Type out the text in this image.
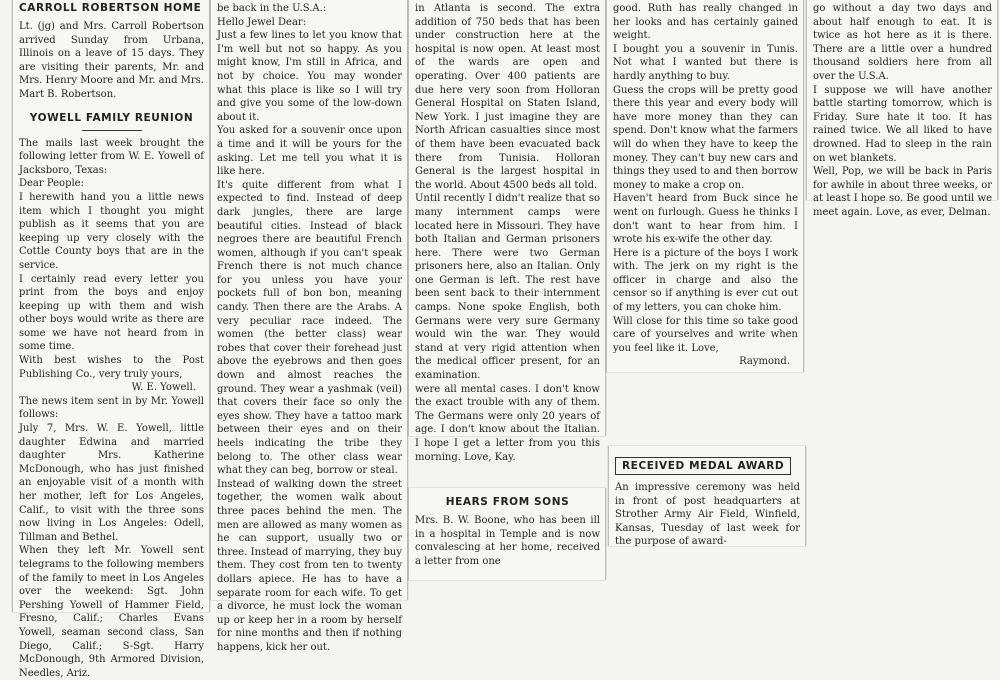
CARROLL ROBERTSON HOME

Lt. (jg) and Mrs. Carroll Robertson arrived Sunday from Urbana, Illinois on a leave of 15 days. They are visiting their parents, Mr. and Mrs. Henry Moore and Mr. and Mrs. Mart B. Robertson.

YOWELL FAMILY REUNION

The mails last week brought the following letter from W. E. Yowell of Jacksboro, Texas:
Dear People:
I herewith hand you a little news item which I thought you might publish as it seems that you are keeping up very closely with the Cottle County boys that are in the service.
I certainly read every letter you print from the boys and enjoy keeping up with them and wish other boys would write as there are some we have not heard from in some time.
With best wishes to the Post Publishing Co., very truly yours,

W. E. Yowell.

The news item sent in by Mr. Yowell follows:
July 7, Mrs. W. E. Yowell, little daughter Edwina and married daughter Mrs. Katherine McDonough, who has just finished an enjoyable visit of a month with her mother, left for Los Angeles, Calif., to visit with the three sons now living in Los Angeles: Odell, Tillman and Bethel.
When they left Mr. Yowell sent telegrams to the following members of the family to meet in Los Angeles over the weekend: Sgt. John Pershing Yowell of Hammer Field, Fresno, Calif.; Charles Evans Yowell, seaman second class, San Diego, Calif.; S-Sgt. Harry McDonough, 9th Armored Division, Needles, Ariz.

be back in the U.S.A.:
Hello Jewel Dear:
Just a few lines to let you know that I'm well but not so happy. As you might know, I'm still in Africa, and not by choice. You may wonder what this place is like so I will try and give you some of the low-down about it.
You asked for a souvenir once upon a time and it will be yours for the asking. Let me tell you what it is like here.
It's quite different from what I expected to find. Instead of deep dark jungles, there are large beautiful cities. Instead of black negroes there are beautiful French women, although if you can't speak French there is not much chance for you unless you have your pockets full of bon bon, meaning candy. Then there are the Arabs. A very peculiar race indeed. The women (the better class) wear robes that cover their forehead just above the eyebrows and then goes down and almost reaches the ground. They wear a yashmak (veil) that covers their face so only the eyes show. They have a tattoo mark between their eyes and on their heels indicating the tribe they belong to. The other class wear what they can beg, borrow or steal.
Instead of walking down the street together, the women walk about three paces behind the men. The men are allowed as many women as he can support, usually two or three. Instead of marrying, they buy them. They cost from ten to twenty dollars apiece. He has to have a separate room for each wife. To get a divorce, he must lock the woman up or keep her in a room by herself for nine months and then if nothing happens, kick her out.

in Atlanta is second. The extra addition of 750 beds that has been under construction here at the hospital is now open. At least most of the wards are open and operating. Over 400 patients are due here very soon from Holloran General Hospital on Staten Island, New York. I just imagine they are North African casualties since most of them have been evacuated back there from Tunisia. Holloran General is the largest hospital in the world. About 4500 beds all told.
Until recently I didn't realize that so many internment camps were located here in Missouri. They have both Italian and German prisoners here. There were two German prisoners here, also an Italian. Only one German is left. The rest have been sent back to their internment camps. None spoke English, both Germans were very sure Germany would win the war. They would stand at very rigid attention when the medical officer present, for an examination.
were all mental cases. I don't know the exact trouble with any of them. The Germans were only 20 years of age. I don't know about the Italian. I hope I get a letter from you this morning. Love, Kay.

HEARS FROM SONS

Mrs. B. W. Boone, who has been ill in a hospital in Temple and is now convalescing at her home, received a letter from one

good. Ruth has really changed in her looks and has certainly gained weight.
I bought you a souvenir in Tunis. Not what I wanted but there is hardly anything to buy.
Guess the crops will be pretty good there this year and every body will have more money than they can spend. Don't know what the farmers will do when they have to keep the money. They can't buy new cars and things they used to and then borrow money to make a crop on.
Haven't heard from Buck since he went on furlough. Guess he thinks I don't want to hear from him. I wrote his ex-wife the other day.
Here is a picture of the boys I work with. The jerk on my right is the officer in charge and also the censor so if anything is ever cut out of my letters, you can choke him.
Will close for this time so take good care of yourselves and write when you feel like it. Love,

Raymond.

RECEIVED MEDAL AWARD

An impressive ceremony was held in front of post headquarters at Strother Army Air Field, Winfield, Kansas, Tuesday of last week for the purpose of award-

go without a day two days and about half enough to eat. It is twice as hot here as it is there. There are a little over a hundred thousand soldiers here from all over the U.S.A.
I suppose we will have another battle starting tomorrow, which is Friday. Sure hate it too. It has rained twice. We all liked to have drowned. Had to sleep in the rain on wet blankets.
Well, Pop, we will be back in Paris for awhile in about three weeks, or at least I hope so. Be good until we meet again. Love, as ever, Delman.
